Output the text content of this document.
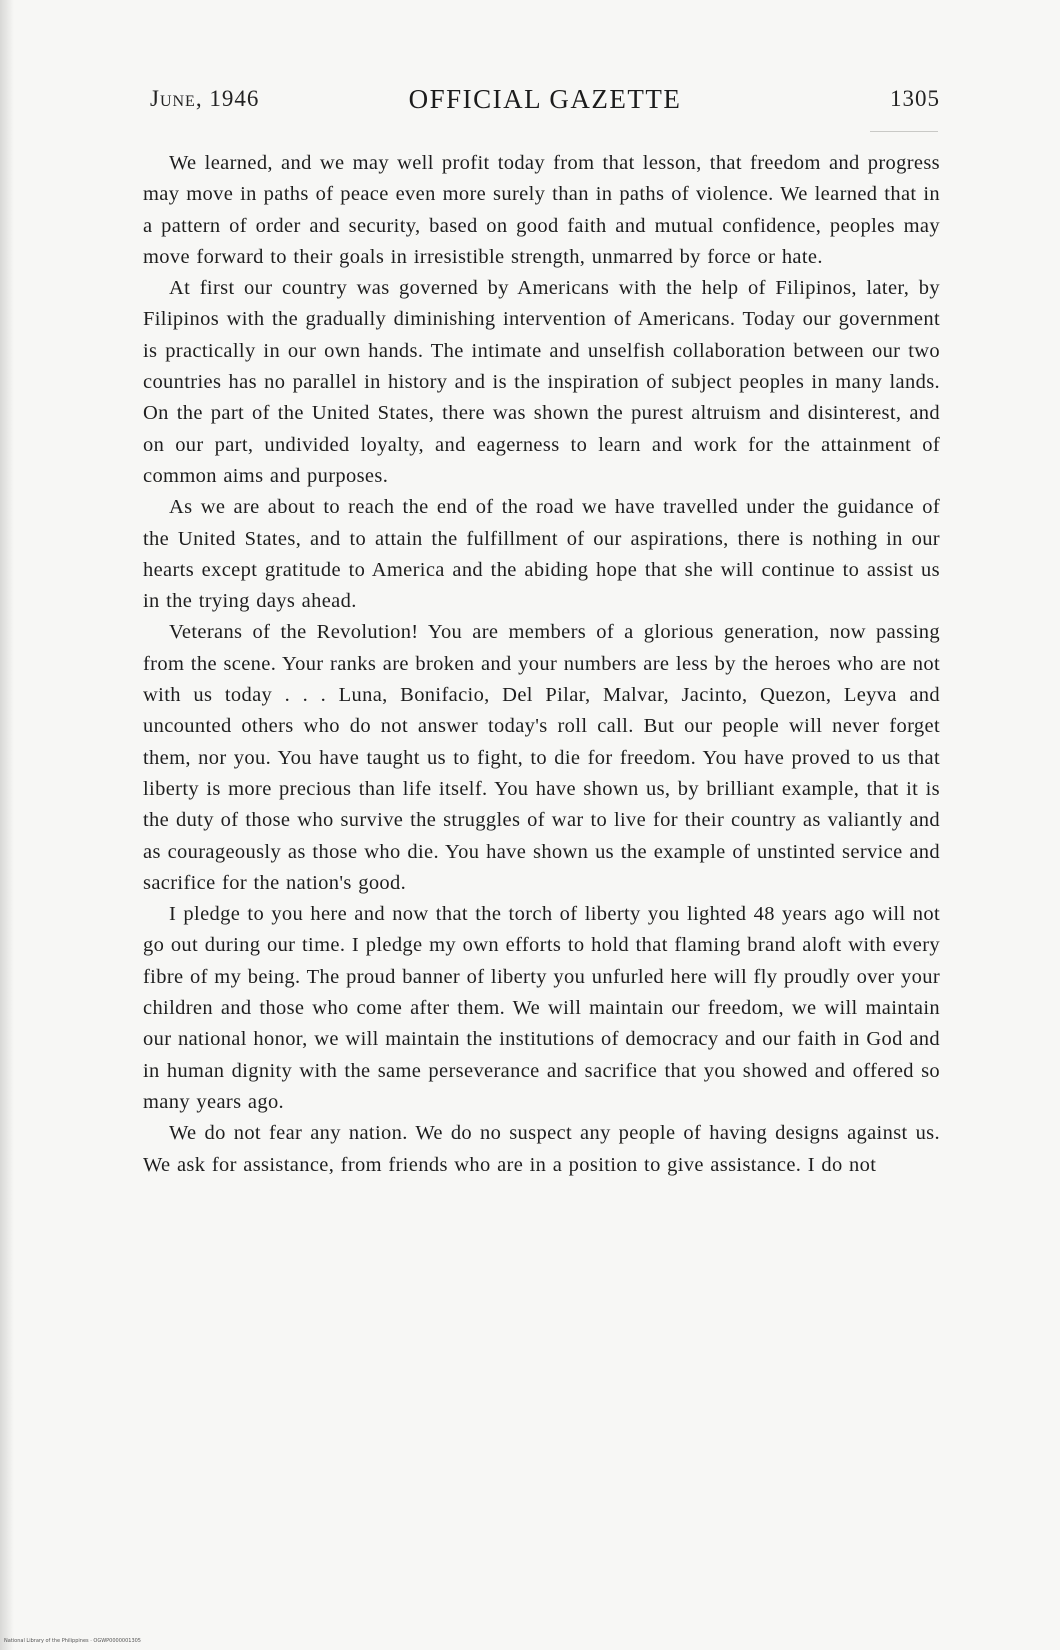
June, 1946	OFFICIAL GAZETTE	1305

We learned, and we may well profit today from that lesson, that freedom and progress may move in paths of peace even more surely than in paths of violence. We learned that in a pattern of order and security, based on good faith and mutual confidence, peoples may move forward to their goals in irresistible strength, unmarred by force or hate.

At first our country was governed by Americans with the help of Filipinos, later, by Filipinos with the gradually diminishing intervention of Americans. Today our government is practically in our own hands. The intimate and unselfish collaboration between our two countries has no parallel in history and is the inspiration of subject peoples in many lands. On the part of the United States, there was shown the purest altruism and disinterest, and on our part, undivided loyalty, and eagerness to learn and work for the attainment of common aims and purposes.

As we are about to reach the end of the road we have travelled under the guidance of the United States, and to attain the fulfillment of our aspirations, there is nothing in our hearts except gratitude to America and the abiding hope that she will continue to assist us in the trying days ahead.

Veterans of the Revolution! You are members of a glorious generation, now passing from the scene. Your ranks are broken and your numbers are less by the heroes who are not with us today . . . Luna, Bonifacio, Del Pilar, Malvar, Jacinto, Quezon, Leyva and uncounted others who do not answer today's roll call. But our people will never forget them, nor you. You have taught us to fight, to die for freedom. You have proved to us that liberty is more precious than life itself. You have shown us, by brilliant example, that it is the duty of those who survive the struggles of war to live for their country as valiantly and as courageously as those who die. You have shown us the example of unstinted service and sacrifice for the nation's good.

I pledge to you here and now that the torch of liberty you lighted 48 years ago will not go out during our time. I pledge my own efforts to hold that flaming brand aloft with every fibre of my being. The proud banner of liberty you unfurled here will fly proudly over your children and those who come after them. We will maintain our freedom, we will maintain our national honor, we will maintain the institutions of democracy and our faith in God and in human dignity with the same perseverance and sacrifice that you showed and offered so many years ago.

We do not fear any nation. We do no suspect any people of having designs against us. We ask for assistance, from friends who are in a position to give assistance. I do not

National Library of the Philippines · OGWP0000001305
